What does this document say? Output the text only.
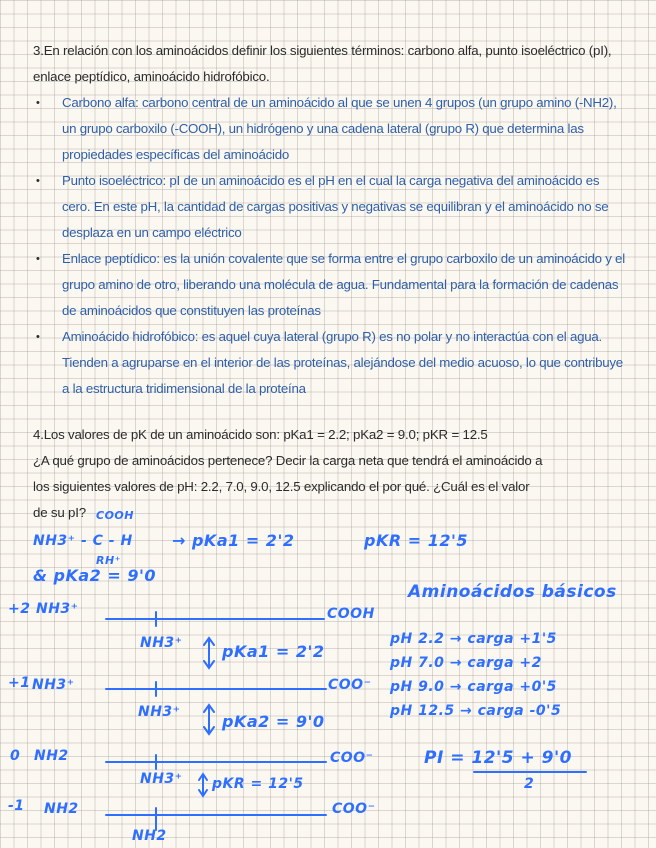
3.En relación con los aminoácidos definir los siguientes términos: carbono alfa, punto isoeléctrico (pI), enlace peptídico, aminoácido hidrofóbico.
• Carbono alfa: carbono central de un aminoácido al que se unen 4 grupos (un grupo amino (-NH2), un grupo carboxilo (-COOH), un hidrógeno y una cadena lateral (grupo R) que determina las propiedades específicas del aminoácido
• Punto isoeléctrico: pI de un aminoácido es el pH en el cual la carga negativa del aminoácido es cero. En este pH, la cantidad de cargas positivas y negativas se equilibran y el aminoácido no se desplaza en un campo eléctrico
• Enlace peptídico: es la unión covalente que se forma entre el grupo carboxilo de un aminoácido y el grupo amino de otro, liberando una molécula de agua. Fundamental para la formación de cadenas de aminoácidos que constituyen las proteínas
• Aminoácido hidrofóbico: es aquel cuya lateral (grupo R) es no polar y no interactúa con el agua. Tienden a agruparse en el interior de las proteínas, alejándose del medio acuoso, lo que contribuye a la estructura tridimensional de la proteína
4.Los valores de pK de un aminoácido son: pKa1 = 2.2; pKa2 = 9.0; pKR = 12.5
¿A qué grupo de aminoácidos pertenece? Decir la carga neta que tendrá el aminoácido a
los siguientes valores de pH: 2.2, 7.0, 9.0, 12.5 explicando el por qué. ¿Cuál es el valor
de su pI? COOH
NH3⁺ - C - H
RH⁺
→ pKa1 = 2'2	pKR = 12'5
& pKa2 = 9'0
Aminoácidos básicos
+2 NH3⁺	COOH
NH3⁺ pKa1 = 2'2
+1 NH3⁺	COO⁻
NH3⁺	pKa2 = 9'0
pH 2.2 → carga +1'5
pH 7.0 → carga +2
pH 9.0 → carga +0'5
pH 12.5 → carga -0'5
0 NH2	COO⁻
NH3⁺ pKR = 12'5
PI = 12'5 + 9'0
2
-1 NH2	COO⁻
NH2
